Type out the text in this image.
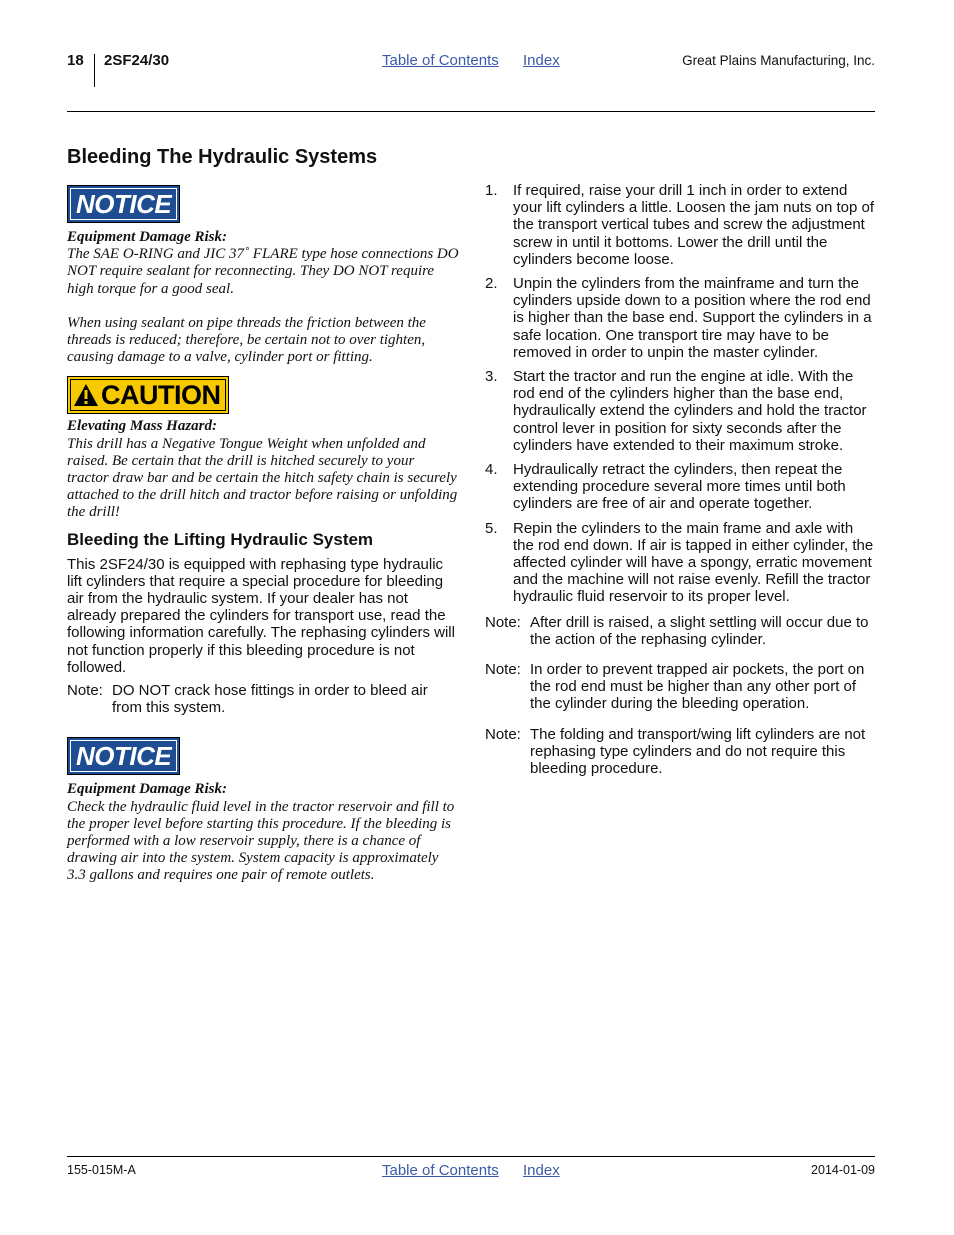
18 2SF24/30	Table of Contents Index	Great Plains Manufacturing, Inc.
Bleeding The Hydraulic Systems
NOTICE
Equipment Damage Risk:

The SAE O-RING and JIC 37˚ FLARE type hose connections DO NOT require sealant for reconnecting. They DO NOT require high torque for a good seal.

When using sealant on pipe threads the friction between the threads is reduced; therefore, be certain not to over tighten, causing damage to a valve, cylinder port or fitting.

CAUTION
Elevating Mass Hazard:

This drill has a Negative Tongue Weight when unfolded and raised. Be certain that the drill is hitched securely to your tractor draw bar and be certain the hitch safety chain is securely attached to the drill hitch and tractor before raising or unfolding the drill!

Bleeding the Lifting Hydraulic System

This 2SF24/30 is equipped with rephasing type hydraulic lift cylinders that require a special procedure for bleeding air from the hydraulic system. If your dealer has not already prepared the cylinders for transport use, read the following information carefully. The rephasing cylinders will not function properly if this bleeding procedure is not followed.

Note: DO NOT crack hose fittings in order to bleed air from this system.
NOTICE
Equipment Damage Risk:

Check the hydraulic fluid level in the tractor reservoir and fill to the proper level before starting this procedure. If the bleeding is performed with a low reservoir supply, there is a chance of drawing air into the system. System capacity is approximately 3.3 gallons and requires one pair of remote outlets.

1.	If required, raise your drill 1 inch in order to extend your lift cylinders a little. Loosen the jam nuts on top of the transport vertical tubes and screw the adjustment screw in until it bottoms. Lower the drill until the cylinders become loose.
2.	Unpin the cylinders from the mainframe and turn the cylinders upside down to a position where the rod end is higher than the base end. Support the cylinders in a safe location. One transport tire may have to be removed in order to unpin the master cylinder.
3.	Start the tractor and run the engine at idle. With the rod end of the cylinders higher than the base end, hydraulically extend the cylinders and hold the tractor control lever in position for sixty seconds after the cylinders have extended to their maximum stroke.
4.	Hydraulically retract the cylinders, then repeat the extending procedure several more times until both cylinders are free of air and operate together.
5.	Repin the cylinders to the main frame and axle with the rod end down. If air is tapped in either cylinder, the affected cylinder will have a spongy, erratic movement and the machine will not raise evenly. Refill the tractor hydraulic fluid reservoir to its proper level.
Note: After drill is raised, a slight settling will occur due to the action of the rephasing cylinder.
Note: In order to prevent trapped air pockets, the port on the rod end must be higher than any other port of the cylinder during the bleeding operation.
Note: The folding and transport/wing lift cylinders are not rephasing type cylinders and do not require this bleeding procedure.
155-015M-A	Table of Contents Index	2014-01-09
